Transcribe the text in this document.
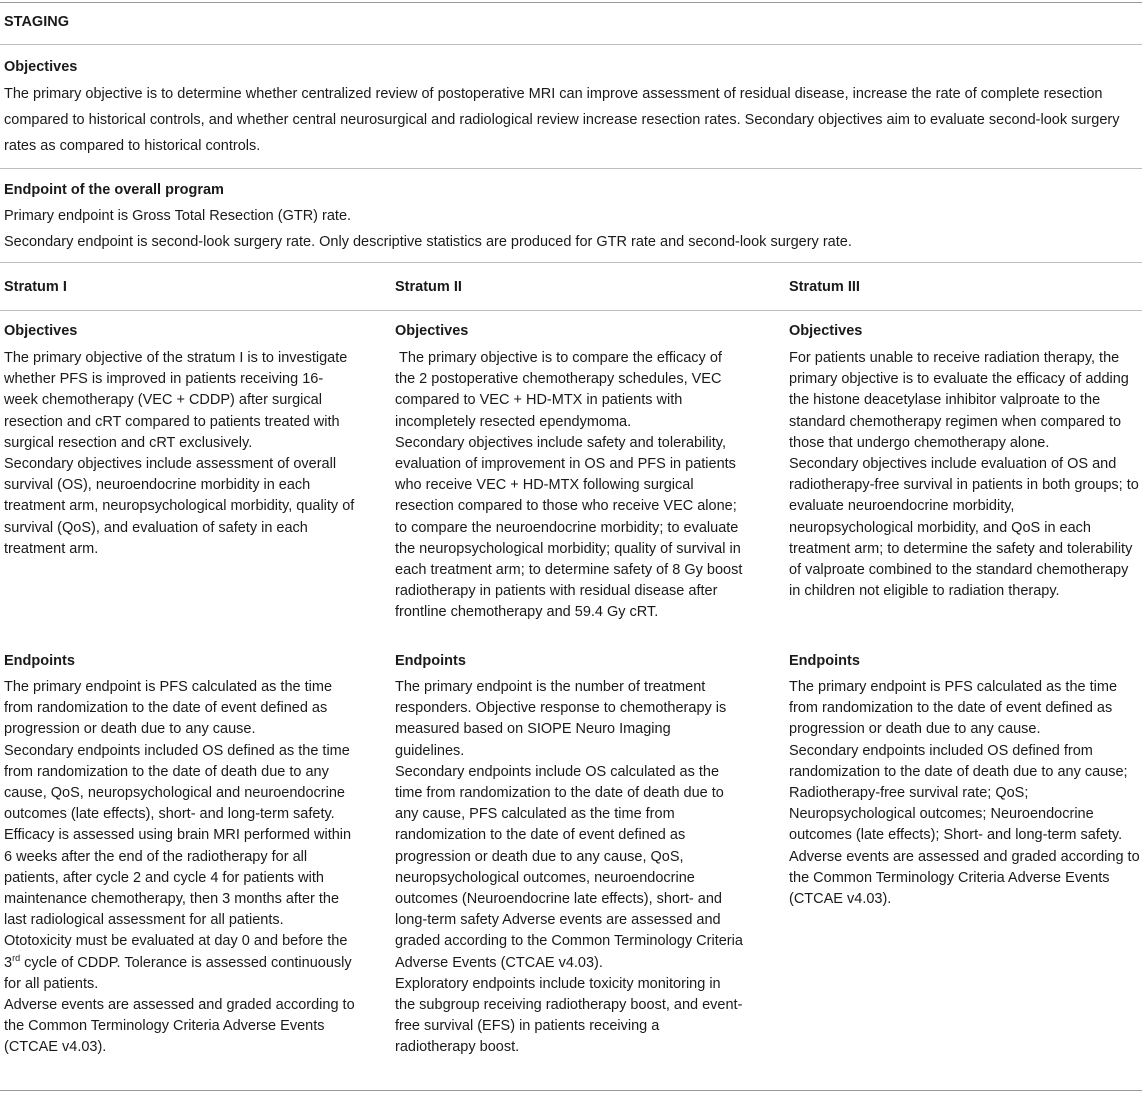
STAGING
Objectives
The primary objective is to determine whether centralized review of postoperative MRI can improve assessment of residual disease, increase the rate of complete resection compared to historical controls, and whether central neurosurgical and radiological review increase resection rates. Secondary objectives aim to evaluate second-look surgery rates as compared to historical controls.
Endpoint of the overall program
Primary endpoint is Gross Total Resection (GTR) rate.
Secondary endpoint is second-look surgery rate. Only descriptive statistics are produced for GTR rate and second-look surgery rate.
Stratum I
Objectives
The primary objective of the stratum I is to investigate whether PFS is improved in patients receiving 16-week chemotherapy (VEC + CDDP) after surgical resection and cRT compared to patients treated with surgical resection and cRT exclusively.
Secondary objectives include assessment of overall survival (OS), neuroendocrine morbidity in each treatment arm, neuropsychological morbidity, quality of survival (QoS), and evaluation of safety in each treatment arm.
Endpoints
The primary endpoint is PFS calculated as the time from randomization to the date of event defined as progression or death due to any cause.
Secondary endpoints included OS defined as the time from randomization to the date of death due to any cause, QoS, neuropsychological and neuroendocrine outcomes (late effects), short- and long-term safety.
Efficacy is assessed using brain MRI performed within 6 weeks after the end of the radiotherapy for all patients, after cycle 2 and cycle 4 for patients with maintenance chemotherapy, then 3 months after the last radiological assessment for all patients.
Ototoxicity must be evaluated at day 0 and before the 3rd cycle of CDDP. Tolerance is assessed continuously for all patients.
Adverse events are assessed and graded according to the Common Terminology Criteria Adverse Events (CTCAE v4.03).
Stratum II
Objectives
The primary objective is to compare the efficacy of the 2 postoperative chemotherapy schedules, VEC compared to VEC + HD-MTX in patients with incompletely resected ependymoma.
Secondary objectives include safety and tolerability, evaluation of improvement in OS and PFS in patients who receive VEC + HD-MTX following surgical resection compared to those who receive VEC alone; to compare the neuroendocrine morbidity; to evaluate the neuropsychological morbidity; quality of survival in each treatment arm; to determine safety of 8 Gy boost radiotherapy in patients with residual disease after frontline chemotherapy and 59.4 Gy cRT.
Endpoints
The primary endpoint is the number of treatment responders. Objective response to chemotherapy is measured based on SIOPE Neuro Imaging guidelines.
Secondary endpoints include OS calculated as the time from randomization to the date of death due to any cause, PFS calculated as the time from randomization to the date of event defined as progression or death due to any cause, QoS, neuropsychological outcomes, neuroendocrine outcomes (Neuroendocrine late effects), short- and long-term safety Adverse events are assessed and graded according to the Common Terminology Criteria Adverse Events (CTCAE v4.03).
Exploratory endpoints include toxicity monitoring in the subgroup receiving radiotherapy boost, and event-free survival (EFS) in patients receiving a radiotherapy boost.
Stratum III
Objectives
For patients unable to receive radiation therapy, the primary objective is to evaluate the efficacy of adding the histone deacetylase inhibitor valproate to the standard chemotherapy regimen when compared to those that undergo chemotherapy alone.
Secondary objectives include evaluation of OS and radiotherapy-free survival in patients in both groups; to evaluate neuroendocrine morbidity, neuropsychological morbidity, and QoS in each treatment arm; to determine the safety and tolerability of valproate combined to the standard chemotherapy in children not eligible to radiation therapy.
Endpoints
The primary endpoint is PFS calculated as the time from randomization to the date of event defined as progression or death due to any cause.
Secondary endpoints included OS defined from randomization to the date of death due to any cause; Radiotherapy-free survival rate; QoS; Neuropsychological outcomes; Neuroendocrine outcomes (late effects); Short- and long-term safety.
Adverse events are assessed and graded according to the Common Terminology Criteria Adverse Events (CTCAE v4.03).
